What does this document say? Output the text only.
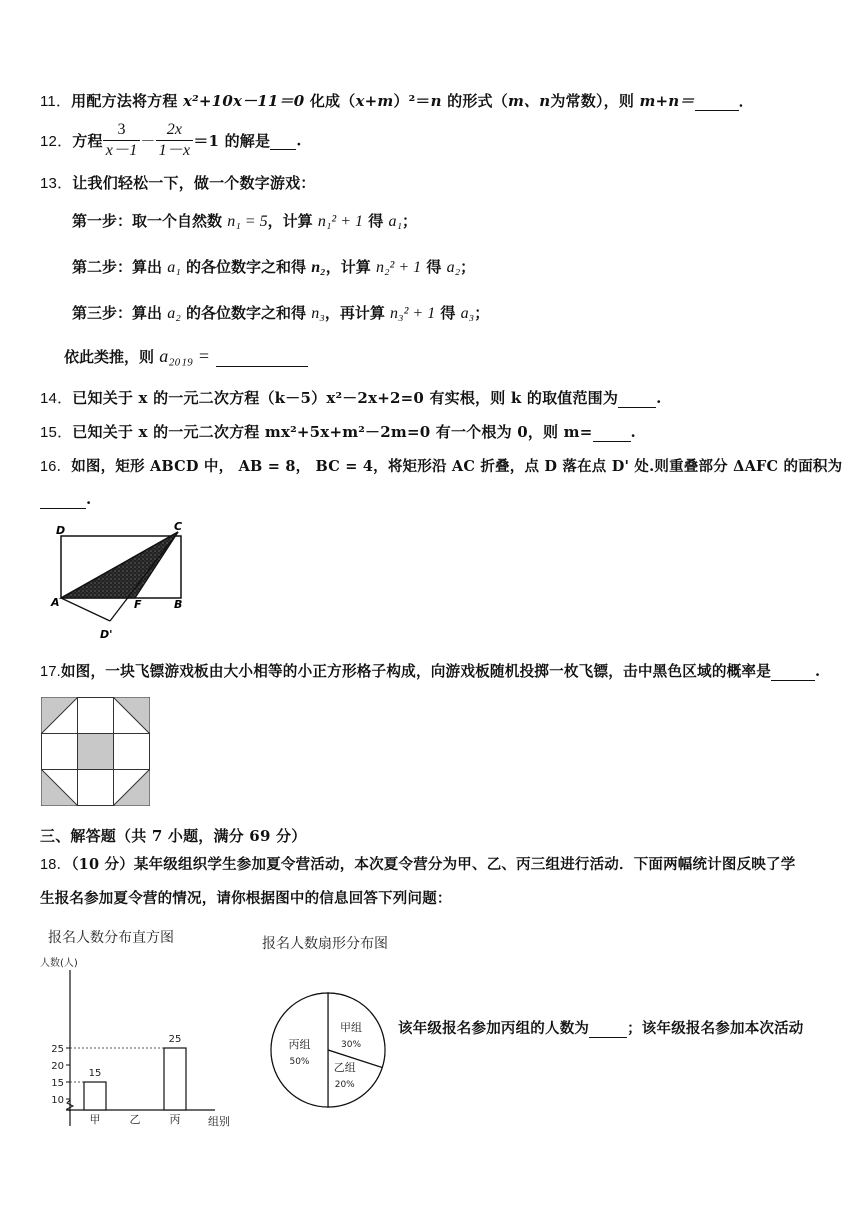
11．用配方法将方程 x²+10x－11＝0 化成（x+m）²＝n 的形式（m、n为常数），则 m+n＝	．
12．方程 $\frac{3}{x-1} - \frac{2x}{1-x} =1$ 的解是 .
13．让我们轻松一下，做一个数字游戏：
第一步：取一个自然数 n₁ = 5，计算 n₁² + 1 得 a₁；
第二步：算出 a₁ 的各位数字之和得 n₂，计算 n₂² + 1 得 a₂；
第三步：算出 a₂ 的各位数字之和得 n₃，再计算 n₃² + 1 得 a₃；
依此类推，则 a₂₀₁₉ =
14．已知关于 x 的一元二次方程（k－5）x²－2x+2=0 有实根，则 k 的取值范围为	.
15．已知关于 x 的一元二次方程 mx²+5x+m²－2m=0 有一个根为 0，则 m=	.
16．如图，矩形 ABCD 中， AB = 8， BC = 4，将矩形沿 AC 折叠，点 D 落在点 D' 处.则重叠部分 ΔAFC 的面积为
.
D	C
A	F	B
D'
17.如图，一块飞镖游戏板由大小相等的小正方形格子构成，向游戏板随机投掷一枚飞镖，击中黑色区域的概率是	.
三、解答题（共 7 小题，满分 69 分）
18．（10 分）某年级组织学生参加夏令营活动，本次夏令营分为甲、乙、丙三组进行活动．下面两幅统计图反映了学
生报名参加夏令营的情况，请你根据图中的信息回答下列问题：
报名人数分布直方图
人数(人)
组别
10
15
20
25
甲
15
乙	丙
25
报名人数扇形分布图
甲组
30%
乙组
20%
丙组
50%
该年级报名参加丙组的人数为	；该年级报名参加本次活动
